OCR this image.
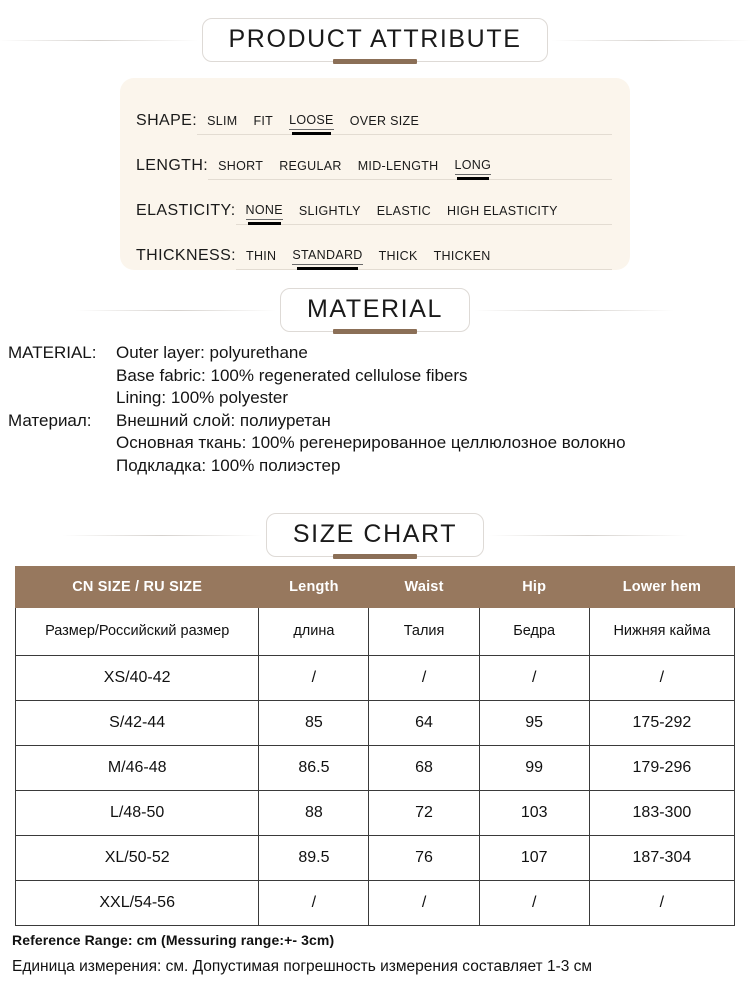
PRODUCT ATTRIBUTE
SHAPE: SLIM FIT LOOSE OVER SIZE
LENGTH: SHORT REGULAR MID-LENGTH LONG
ELASTICITY: NONE SLIGHTLY ELASTIC HIGH ELASTICITY
THICKNESS: THIN STANDARD THICK THICKEN
MATERIAL
MATERIAL:	Outer layer: polyurethane
Base fabric: 100% regenerated cellulose fibers
Lining: 100% polyester
Материал:	Внешний слой: полиуретан
Основная ткань: 100% регенерированное целлюлозное волокно
Подкладка: 100% полиэстер
SIZE CHART
CN SIZE / RU SIZE	Length	Waist	Hip	Lower hem
Размер/Российский размер	длина	Талия	Бедра	Нижняя кайма
XS/40-42	/	/	/	/
S/42-44	85	64	95	175-292
M/46-48	86.5	68	99	179-296
L/48-50	88	72	103	183-300
XL/50-52	89.5	76	107	187-304
XXL/54-56	/	/	/	/
Reference Range: cm (Messuring range:+- 3cm)
Единица измерения: см. Допустимая погрешность измерения составляет 1-3 см
